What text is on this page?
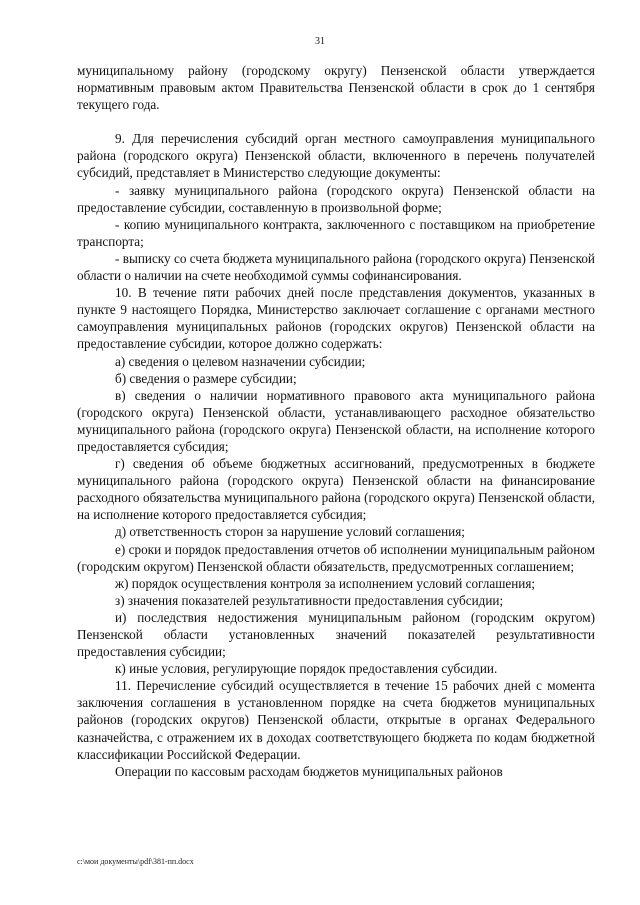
31

муниципальному району (городскому округу) Пензенской области утверждается нормативным правовым актом Правительства Пензенской области в срок до 1 сентября текущего года.

9. Для перечисления субсидий орган местного самоуправления муниципального района (городского округа) Пензенской области, включенного в перечень получателей субсидий, представляет в Министерство следующие документы:

- заявку муниципального района (городского округа) Пензенской области на предоставление субсидии, составленную в произвольной форме;

- копию муниципального контракта, заключенного с поставщиком на приобретение транспорта;

- выписку со счета бюджета муниципального района (городского округа) Пензенской области о наличии на счете необходимой суммы софинансирования.

10. В течение пяти рабочих дней после представления документов, указанных в пункте 9 настоящего Порядка, Министерство заключает соглашение с органами местного самоуправления муниципальных районов (городских округов) Пензенской области на предоставление субсидии, которое должно содержать:

а) сведения о целевом назначении субсидии;

б) сведения о размере субсидии;

в) сведения о наличии нормативного правового акта муниципального района (городского округа) Пензенской области, устанавливающего расходное обязательство муниципального района (городского округа) Пензенской области, на исполнение которого предоставляется субсидия;

г) сведения об объеме бюджетных ассигнований, предусмотренных в бюджете муниципального района (городского округа) Пензенской области на финансирование расходного обязательства муниципального района (городского округа) Пензенской области, на исполнение которого предоставляется субсидия;

д) ответственность сторон за нарушение условий соглашения;

е) сроки и порядок предоставления отчетов об исполнении муниципальным районом (городским округом) Пензенской области обязательств, предусмотренных соглашением;

ж) порядок осуществления контроля за исполнением условий соглашения;

з) значения показателей результативности предоставления субсидии;

и) последствия недостижения муниципальным районом (городским округом) Пензенской области установленных значений показателей результативности предоставления субсидии;

к) иные условия, регулирующие порядок предоставления субсидии.

11. Перечисление субсидий осуществляется в течение 15 рабочих дней с момента заключения соглашения в установленном порядке на счета бюджетов муниципальных районов (городских округов) Пензенской области, открытые в органах Федерального казначейства, с отражением их в доходах соответствующего бюджета по кодам бюджетной классификации Российской Федерации.

Операции по кассовым расходам бюджетов муниципальных районов

c:\мои документы\pdf\381-пп.docx
